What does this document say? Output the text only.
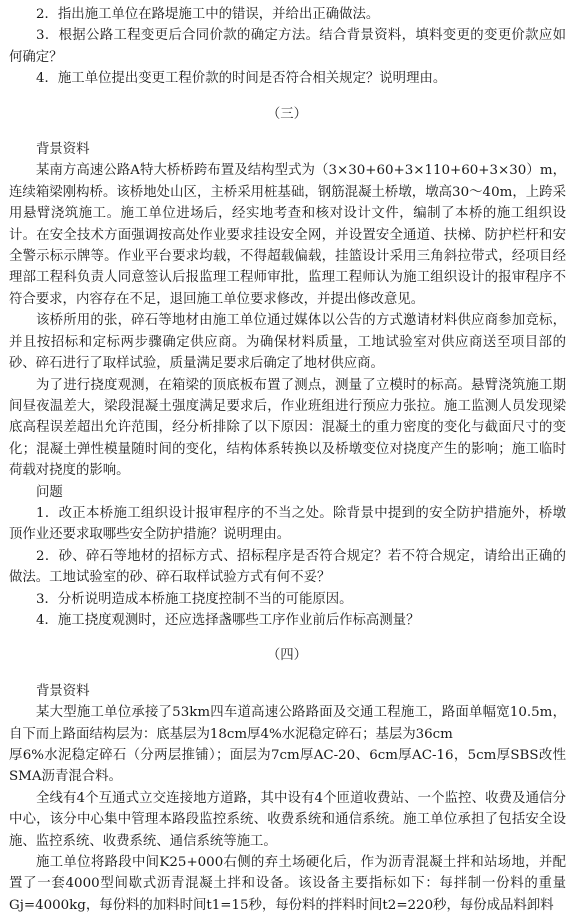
2．指出施工单位在路堤施工中的错误，并给出正确做法。

3．根据公路工程变更后合同价款的确定方法。结合背景资料，填料变更的变更价款应如何确定？

4．施工单位提出变更工程价款的时间是否符合相关规定？说明理由。

（三）

背景资料

某南方高速公路A特大桥桥跨布置及结构型式为（3×30+60+3×110+60+3×30）m，连续箱梁刚构桥。该桥地处山区，主桥采用桩基础，钢筋混凝土桥墩，墩高30～40m，上跨采用悬臂浇筑施工。施工单位进场后，经实地考查和核对设计文件，编制了本桥的施工组织设计。在安全技术方面强调按高处作业要求挂设安全网，并设置安全通道、扶梯、防护栏杆和安全警示标示牌等。作业平台要求均载，不得超载偏载，挂篮设计采用三角斜拉带式，经项目经理部工程科负责人同意签认后报监理工程师审批，监理工程师认为施工组织设计的报审程序不符合要求，内容存在不足，退回施工单位要求修改，并提出修改意见。

该桥所用的张，碎石等地材由施工单位通过媒体以公告的方式邀请材料供应商参加竞标，并且按招标和定标两步骤确定供应商。为确保材料质量，工地试验室对供应商送至项目部的砂、碎石进行了取样试验，质量满足要求后确定了地材供应商。

为了进行挠度观测，在箱梁的顶底板布置了测点，测量了立模时的标高。悬臂浇筑施工期间昼夜温差大，梁段混凝土强度满足要求后，作业班组进行预应力张拉。施工监测人员发现梁底高程误差超出允许范围，经分析排除了以下原因：混凝土的重力密度的变化与截面尺寸的变化；混凝土弹性模量随时间的变化，结构体系转换以及桥墩变位对挠度产生的影响；施工临时荷载对挠度的影响。

问题

1．改正本桥施工组织设计报审程序的不当之处。除背景中提到的安全防护措施外，桥墩顶作业还要求取哪些安全防护措施？说明理由。

2．砂、碎石等地材的招标方式、招标程序是否符合规定？若不符合规定，请给出正确的做法。工地试验室的砂、碎石取样试验方式有何不妥？

3．分析说明造成本桥施工挠度控制不当的可能原因。

4．施工挠度观测时，还应选择盏哪些工序作业前后作标高测量？

（四）

背景资料

某大型施工单位承接了53km四车道高速公路路面及交通工程施工，路面单幅宽10.5m，自下而上路面结构层为：底基层为18cm厚4%水泥稳定碎石；基层为36cm

厚6%水泥稳定碎石（分两层推铺）；面层为7cm厚AC-20、6cm厚AC-16，5cm厚SBS改性SMA沥青混合料。

全线有4个互通式立交连接地方道路，其中设有4个匝道收费站、一个监控、收费及通信分中心，该分中心集中管理本路段监控系统、收费系统和通信系统。施工单位承担了包括安全设施、监控系统、收费系统、通信系统等施工。

施工单位将路段中间K25+000右侧的弃土场硬化后，作为沥青混凝土拌和站场地，并配置了一套4000型间歇式沥青混凝土拌和设备。该设备主要指标如下：每拌制一份料的重量Gj=4000kg，每份料的加料时间t1=15秒，每份料的拌料时间t2=220秒，每份成品料卸料
